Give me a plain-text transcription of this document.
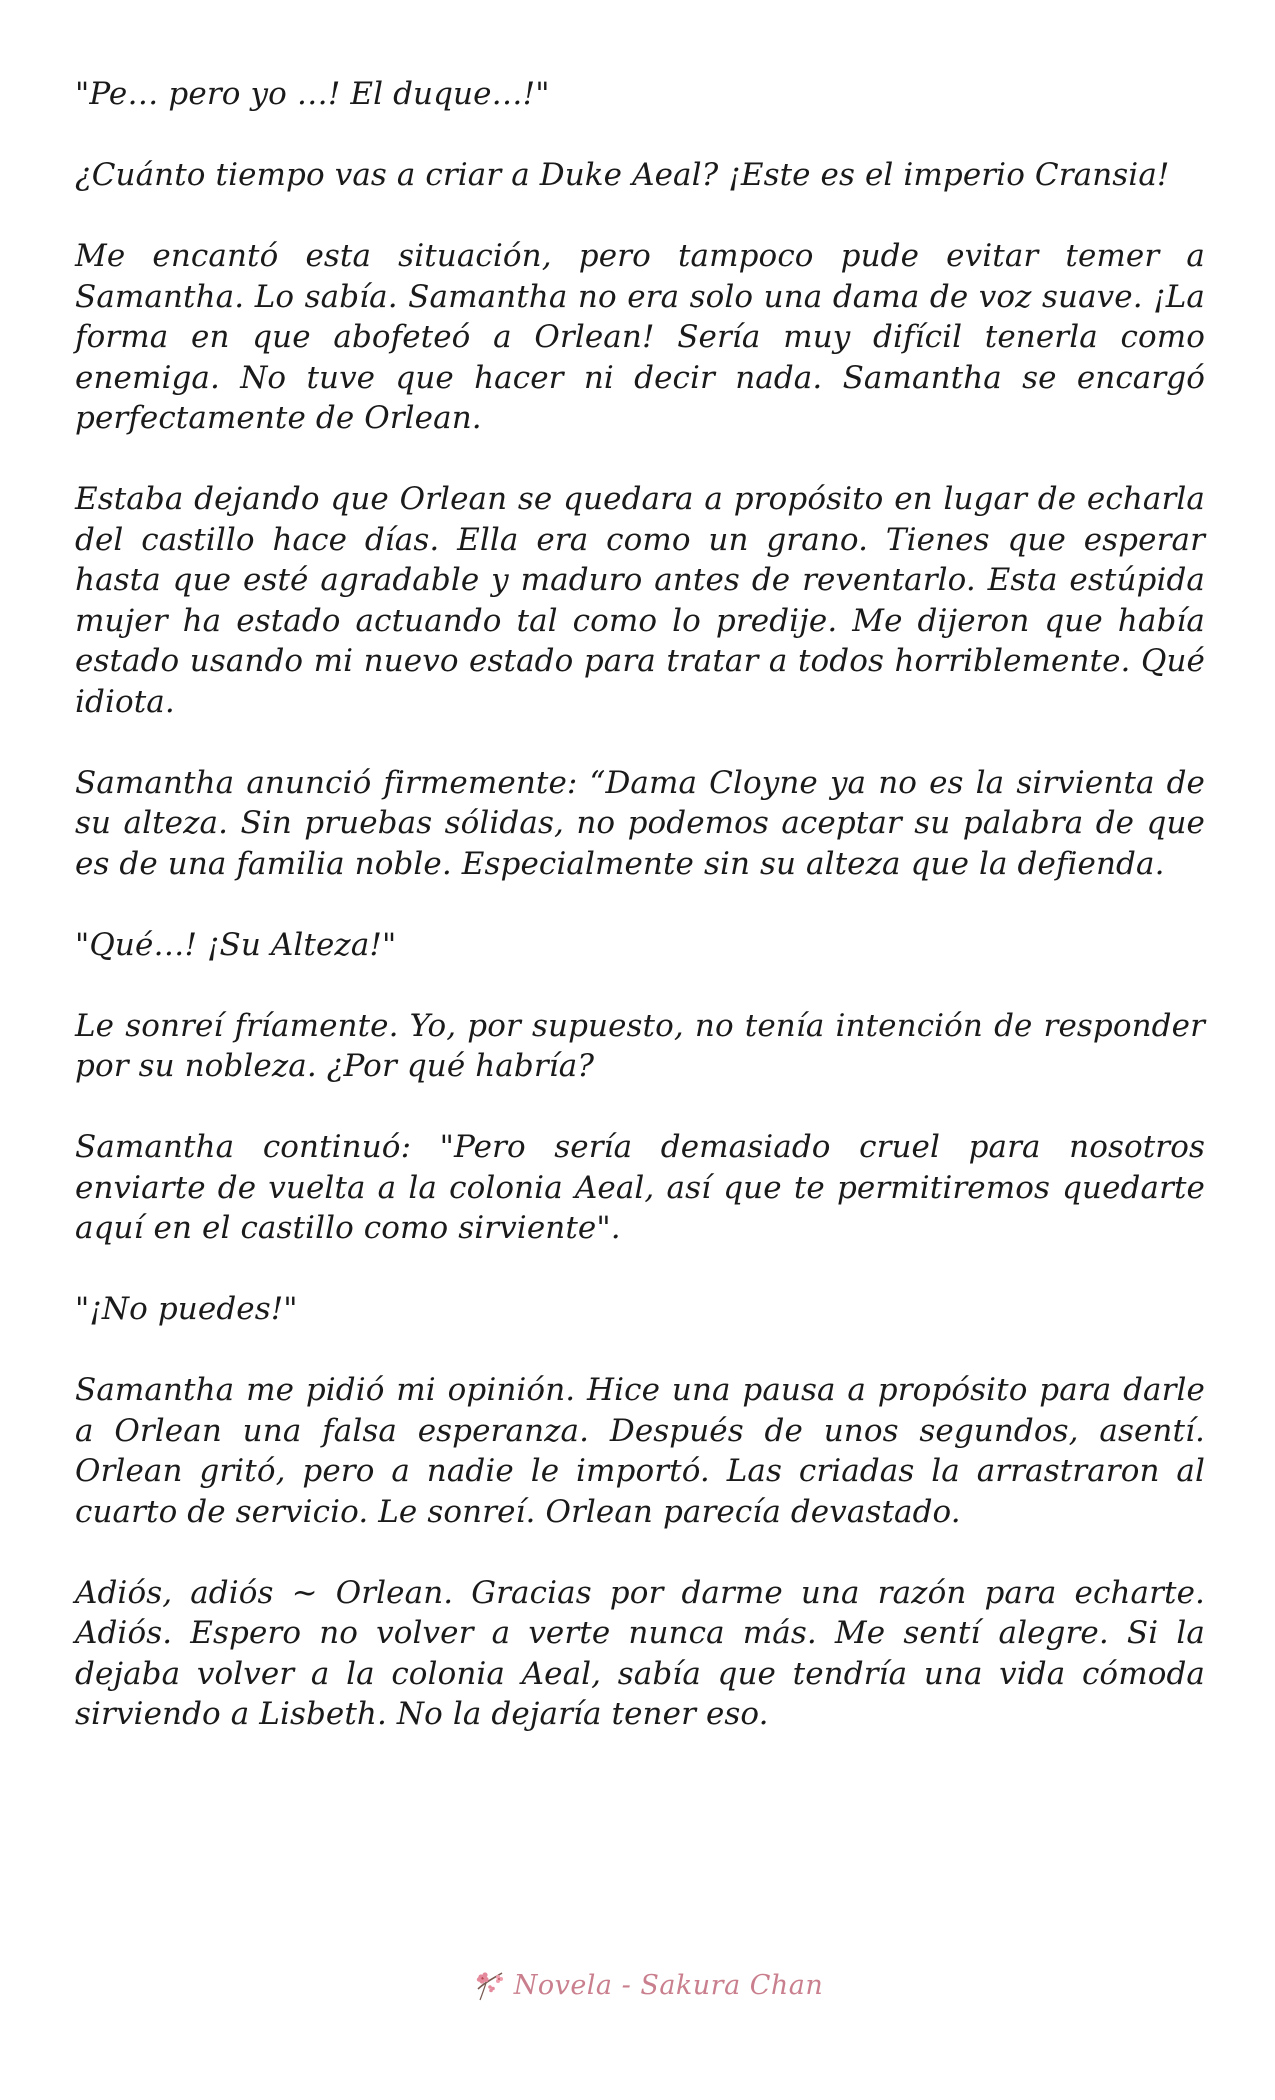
"Pe… pero yo …! El duque…!"

¿Cuánto tiempo vas a criar a Duke Aeal? ¡Este es el imperio Cransia!

Me encantó esta situación, pero tampoco pude evitar temer a Samantha. Lo sabía. Samantha no era solo una dama de voz suave. ¡La forma en que abofeteó a Orlean! Sería muy difícil tenerla como enemiga. No tuve que hacer ni decir nada. Samantha se encargó perfectamente de Orlean.

Estaba dejando que Orlean se quedara a propósito en lugar de echarla del castillo hace días. Ella era como un grano. Tienes que esperar hasta que esté agradable y maduro antes de reventarlo. Esta estúpida mujer ha estado actuando tal como lo predije. Me dijeron que había estado usando mi nuevo estado para tratar a todos horriblemente. Qué idiota.

Samantha anunció firmemente: “Dama Cloyne ya no es la sirvienta de su alteza. Sin pruebas sólidas, no podemos aceptar su palabra de que es de una familia noble. Especialmente sin su alteza que la defienda.

"Qué…! ¡Su Alteza!"

Le sonreí fríamente. Yo, por supuesto, no tenía intención de responder por su nobleza. ¿Por qué habría?

Samantha continuó: "Pero sería demasiado cruel para nosotros enviarte de vuelta a la colonia Aeal, así que te permitiremos quedarte aquí en el castillo como sirviente".

"¡No puedes!"

Samantha me pidió mi opinión. Hice una pausa a propósito para darle a Orlean una falsa esperanza. Después de unos segundos, asentí. Orlean gritó, pero a nadie le importó. Las criadas la arrastraron al cuarto de servicio. Le sonreí. Orlean parecía devastado.

Adiós, adiós ~ Orlean. Gracias por darme una razón para echarte. Adiós. Espero no volver a verte nunca más. Me sentí alegre. Si la dejaba volver a la colonia Aeal, sabía que tendría una vida cómoda sirviendo a Lisbeth. No la dejaría tener eso.

Novela - Sakura Chan
